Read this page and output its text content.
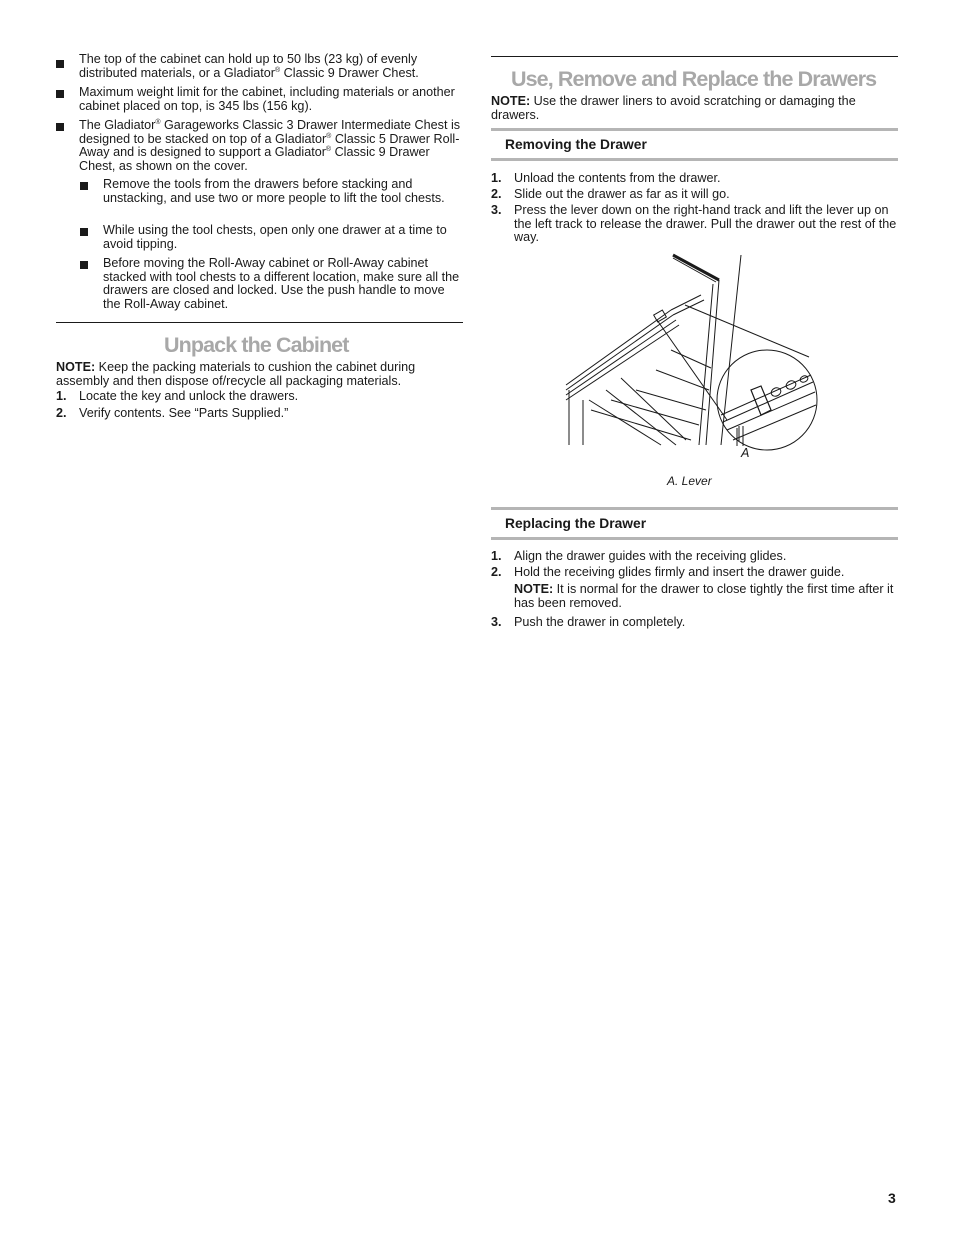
The top of the cabinet can hold up to 50 lbs (23 kg) of evenly distributed materials, or a Gladiator® Classic 9 Drawer Chest.
Maximum weight limit for the cabinet, including materials or another cabinet placed on top, is 345 lbs (156 kg).
The Gladiator® Garageworks Classic 3 Drawer Intermediate Chest is designed to be stacked on top of a Gladiator® Classic 5 Drawer Roll-Away and is designed to support a Gladiator® Classic 9 Drawer Chest, as shown on the cover.
Remove the tools from the drawers before stacking and unstacking, and use two or more people to lift the tool chests.
While using the tool chests, open only one drawer at a time to avoid tipping.
Before moving the Roll-Away cabinet or Roll-Away cabinet stacked with tool chests to a different location, make sure all the drawers are closed and locked. Use the push handle to move the Roll-Away cabinet.
Unpack the Cabinet
NOTE: Keep the packing materials to cushion the cabinet during assembly and then dispose of/recycle all packaging materials.
1. Locate the key and unlock the drawers.
2. Verify contents. See “Parts Supplied.”
Use, Remove and Replace the Drawers
NOTE: Use the drawer liners to avoid scratching or damaging the drawers.
Removing the Drawer
1. Unload the contents from the drawer.
2. Slide out the drawer as far as it will go.
3. Press the lever down on the right-hand track and lift the lever up on the left track to release the drawer. Pull the drawer out the rest of the way.
A
A. Lever
Replacing the Drawer
1. Align the drawer guides with the receiving glides.
2. Hold the receiving glides firmly and insert the drawer guide.
NOTE: It is normal for the drawer to close tightly the first time after it has been removed.
3. Push the drawer in completely.
3
